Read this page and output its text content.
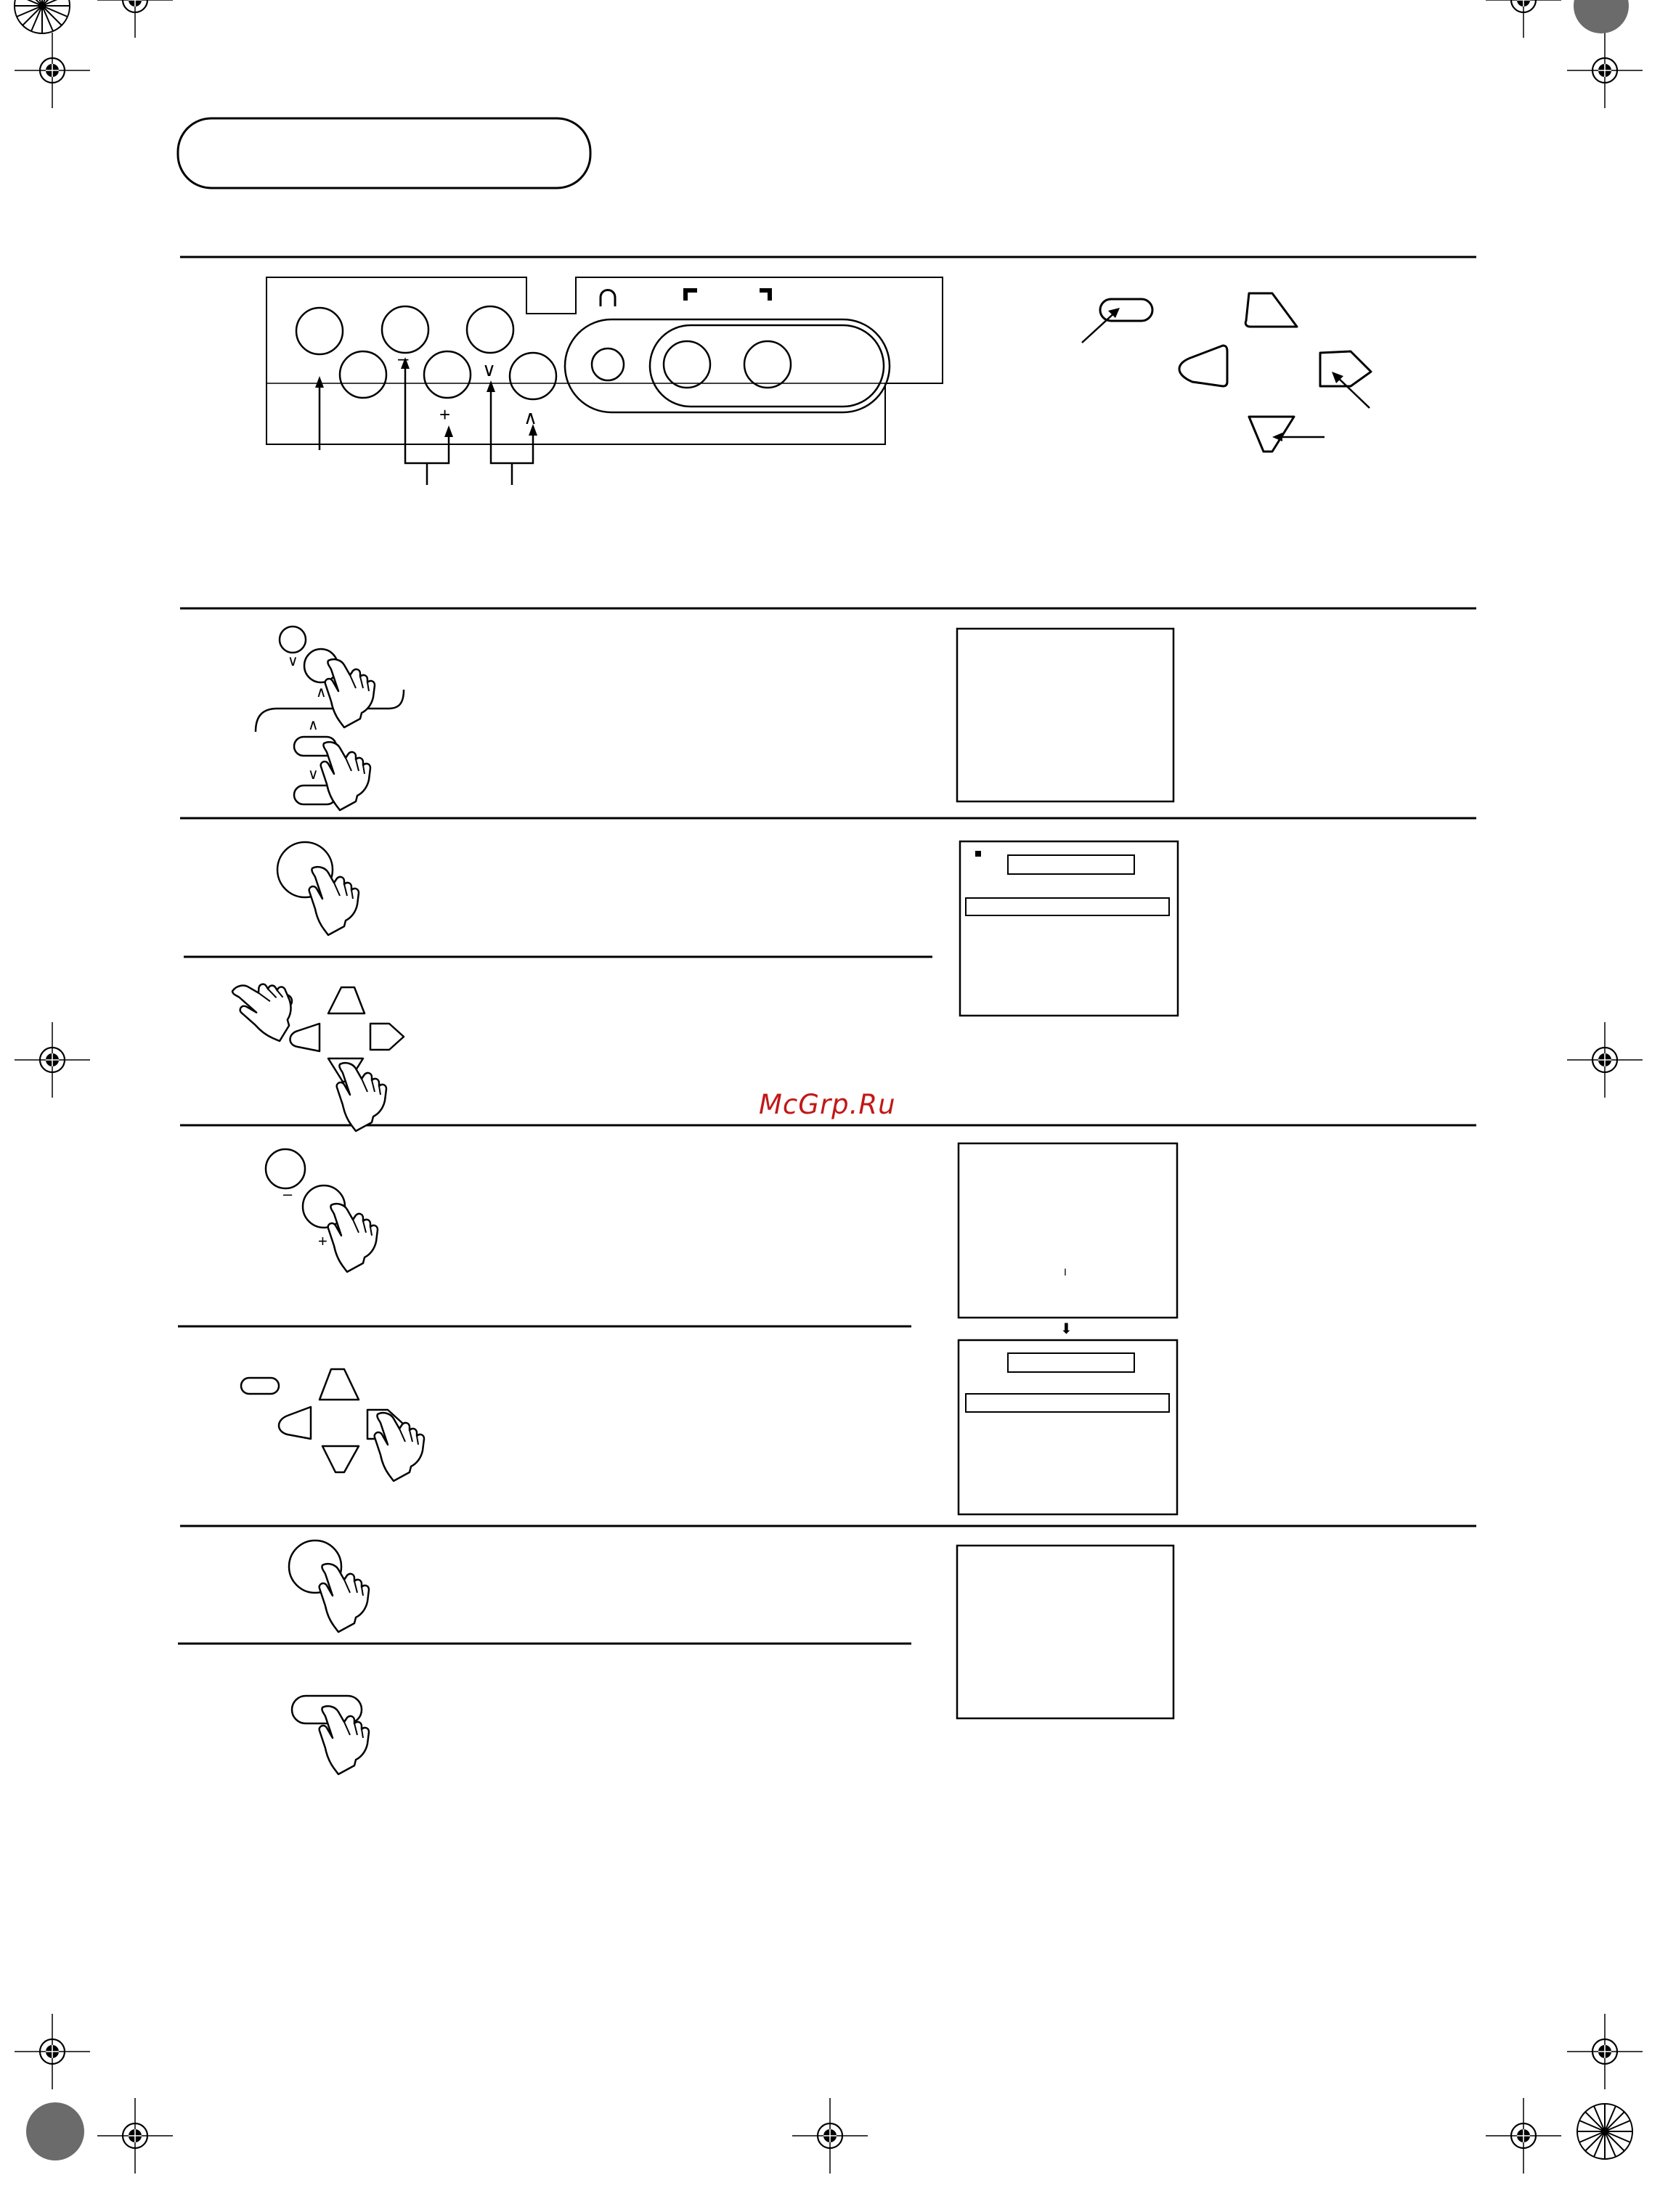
–
+
∨
∧
∨
∧
∧
∨
–
+
I
⬇
McGrp.Ru
